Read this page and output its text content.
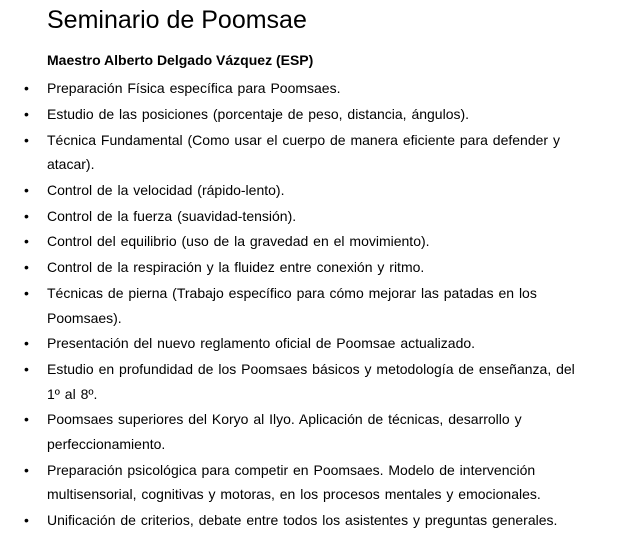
Seminario de Poomsae

Maestro Alberto Delgado Vázquez (ESP)

• Preparación Física específica para Poomsaes.
• Estudio de las posiciones (porcentaje de peso, distancia, ángulos).
• Técnica Fundamental (Como usar el cuerpo de manera eficiente para defender y atacar).
• Control de la velocidad (rápido-lento).
• Control de la fuerza (suavidad-tensión).
• Control del equilibrio (uso de la gravedad en el movimiento).
• Control de la respiración y la fluidez entre conexión y ritmo.
• Técnicas de pierna (Trabajo específico para cómo mejorar las patadas en los Poomsaes).
• Presentación del nuevo reglamento oficial de Poomsae actualizado.
• Estudio en profundidad de los Poomsaes básicos y metodología de enseñanza, del 1º al 8º.
• Poomsaes superiores del Koryo al Ilyo. Aplicación de técnicas, desarrollo y perfeccionamiento.
• Preparación psicológica para competir en Poomsaes. Modelo de intervención multisensorial, cognitivas y motoras, en los procesos mentales y emocionales.
• Unificación de criterios, debate entre todos los asistentes y preguntas generales.
